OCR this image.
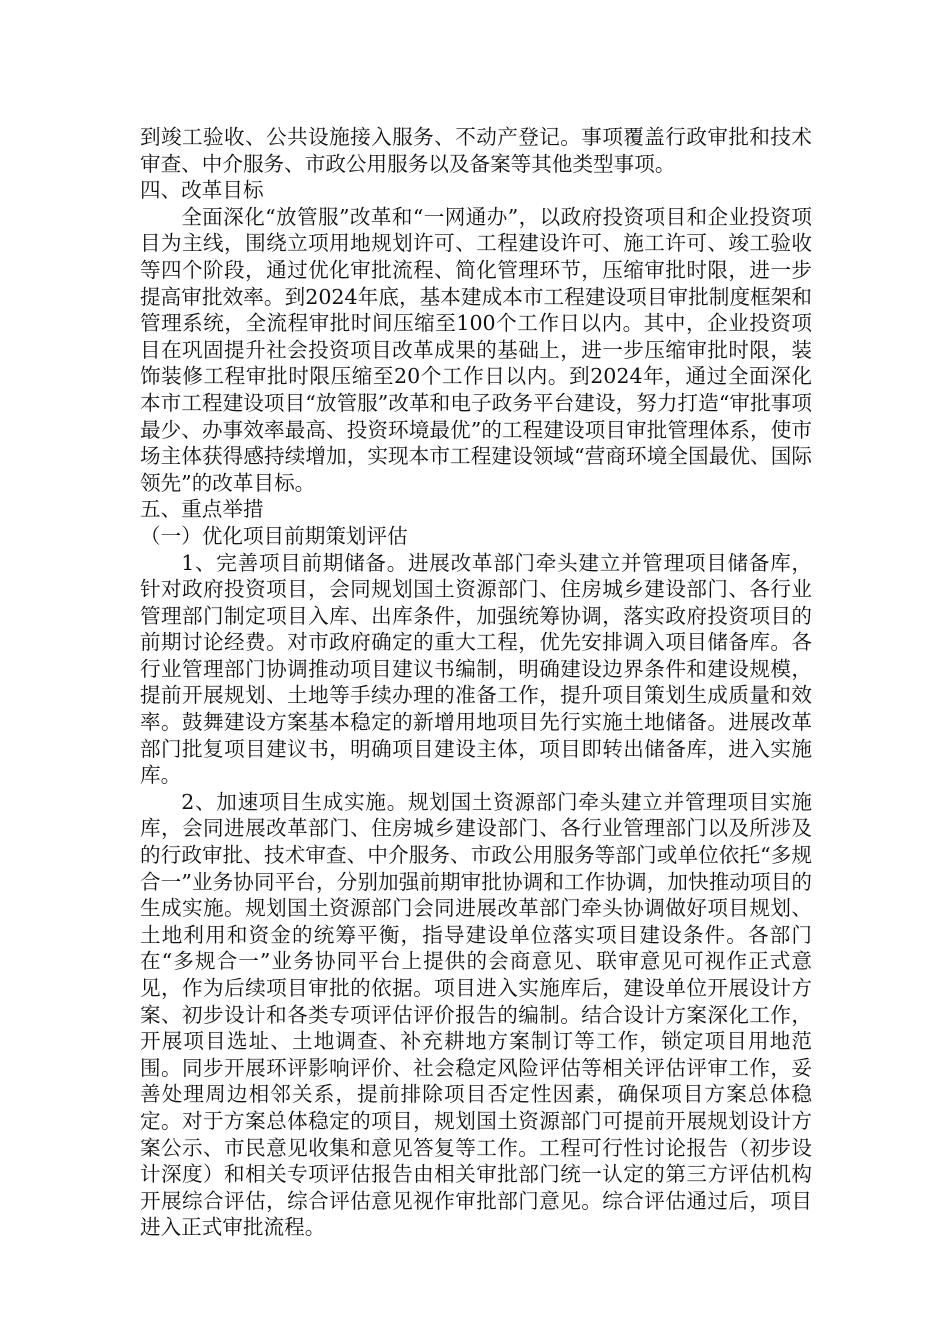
到竣工验收、公共设施接入服务、不动产登记。事项覆盖行政审批和技术审查、中介服务、市政公用服务以及备案等其他类型事项。

四、改革目标

全面深化“放管服”改革和“一网通办”，以政府投资项目和企业投资项目为主线，围绕立项用地规划许可、工程建设许可、施工许可、竣工验收等四个阶段，通过优化审批流程、简化管理环节，压缩审批时限，进一步提高审批效率。到2024年底，基本建成本市工程建设项目审批制度框架和管理系统，全流程审批时间压缩至100个工作日以内。其中，企业投资项目在巩固提升社会投资项目改革成果的基础上，进一步压缩审批时限，装饰装修工程审批时限压缩至20个工作日以内。到2024年，通过全面深化本市工程建设项目“放管服”改革和电子政务平台建设，努力打造“审批事项最少、办事效率最高、投资环境最优”的工程建设项目审批管理体系，使市场主体获得感持续增加，实现本市工程建设领域“营商环境全国最优、国际领先”的改革目标。

五、重点举措

（一）优化项目前期策划评估

1、完善项目前期储备。进展改革部门牵头建立并管理项目储备库，针对政府投资项目，会同规划国土资源部门、住房城乡建设部门、各行业管理部门制定项目入库、出库条件，加强统筹协调，落实政府投资项目的前期讨论经费。对市政府确定的重大工程，优先安排调入项目储备库。各行业管理部门协调推动项目建议书编制，明确建设边界条件和建设规模，提前开展规划、土地等手续办理的准备工作，提升项目策划生成质量和效率。鼓舞建设方案基本稳定的新增用地项目先行实施土地储备。进展改革部门批复项目建议书，明确项目建设主体，项目即转出储备库，进入实施库。

2、加速项目生成实施。规划国土资源部门牵头建立并管理项目实施库，会同进展改革部门、住房城乡建设部门、各行业管理部门以及所涉及的行政审批、技术审查、中介服务、市政公用服务等部门或单位依托“多规合一”业务协同平台，分别加强前期审批协调和工作协调，加快推动项目的生成实施。规划国土资源部门会同进展改革部门牵头协调做好项目规划、土地利用和资金的统筹平衡，指导建设单位落实项目建设条件。各部门在“多规合一”业务协同平台上提供的会商意见、联审意见可视作正式意见，作为后续项目审批的依据。项目进入实施库后，建设单位开展设计方案、初步设计和各类专项评估评价报告的编制。结合设计方案深化工作，开展项目选址、土地调查、补充耕地方案制订等工作，锁定项目用地范围。同步开展环评影响评价、社会稳定风险评估等相关评估评审工作，妥善处理周边相邻关系，提前排除项目否定性因素，确保项目方案总体稳定。对于方案总体稳定的项目，规划国土资源部门可提前开展规划设计方案公示、市民意见收集和意见答复等工作。工程可行性讨论报告（初步设计深度）和相关专项评估报告由相关审批部门统一认定的第三方评估机构开展综合评估，综合评估意见视作审批部门意见。综合评估通过后，项目进入正式审批流程。
